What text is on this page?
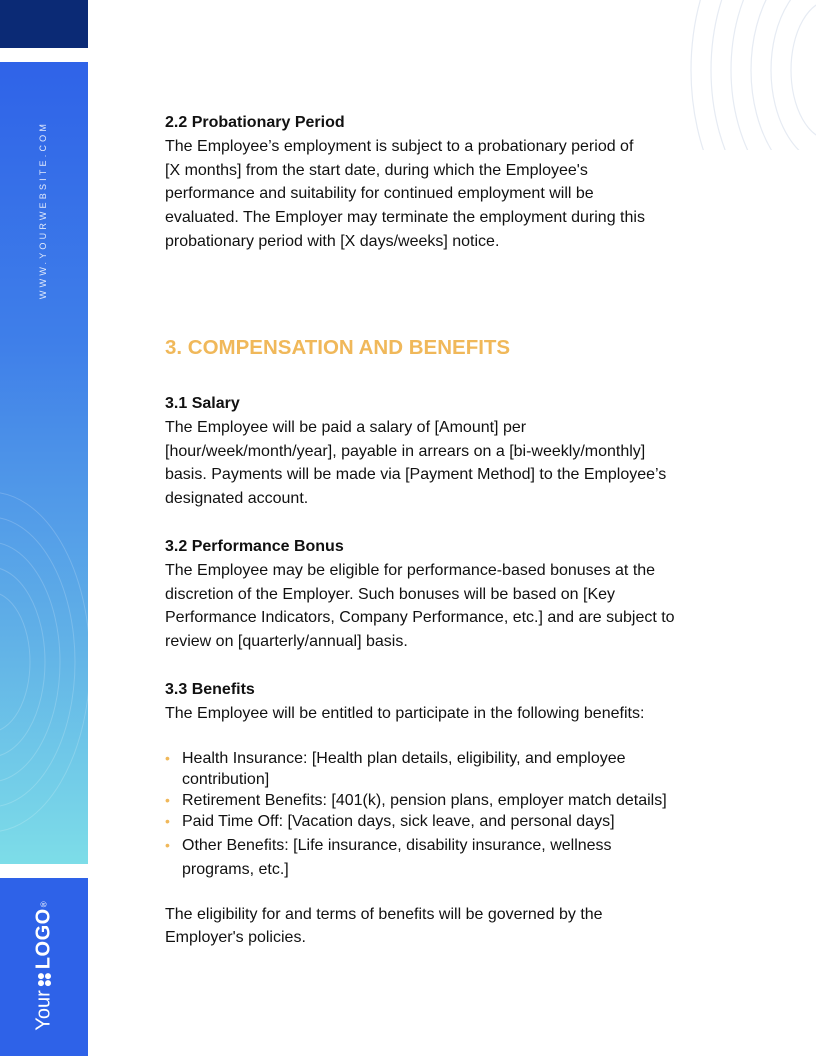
WWW.YOURWEBSITE.COM
Your
LOGO
®

2.2 Probationary Period

The Employee’s employment is subject to a probationary period of

[X months] from the start date, during which the Employee's

performance and suitability for continued employment will be

evaluated. The Employer may terminate the employment during this

probationary period with [X days/weeks] notice.

3. COMPENSATION AND BENEFITS

3.1 Salary

The Employee will be paid a salary of [Amount] per

[hour/week/month/year], payable in arrears on a [bi-weekly/monthly]

basis. Payments will be made via [Payment Method] to the Employee’s

designated account.

3.2 Performance Bonus

The Employee may be eligible for performance-based bonuses at the

discretion of the Employer. Such bonuses will be based on [Key

Performance Indicators, Company Performance, etc.] and are subject to

review on [quarterly/annual] basis.

3.3 Benefits

The Employee will be entitled to participate in the following benefits:

• Health Insurance: [Health plan details, eligibility, and employee
contribution]
• Retirement Benefits: [401(k), pension plans, employer match details]
• Paid Time Off: [Vacation days, sick leave, and personal days]
• Other Benefits: [Life insurance, disability insurance, wellness
programs, etc.]

The eligibility for and terms of benefits will be governed by the

Employer's policies.
